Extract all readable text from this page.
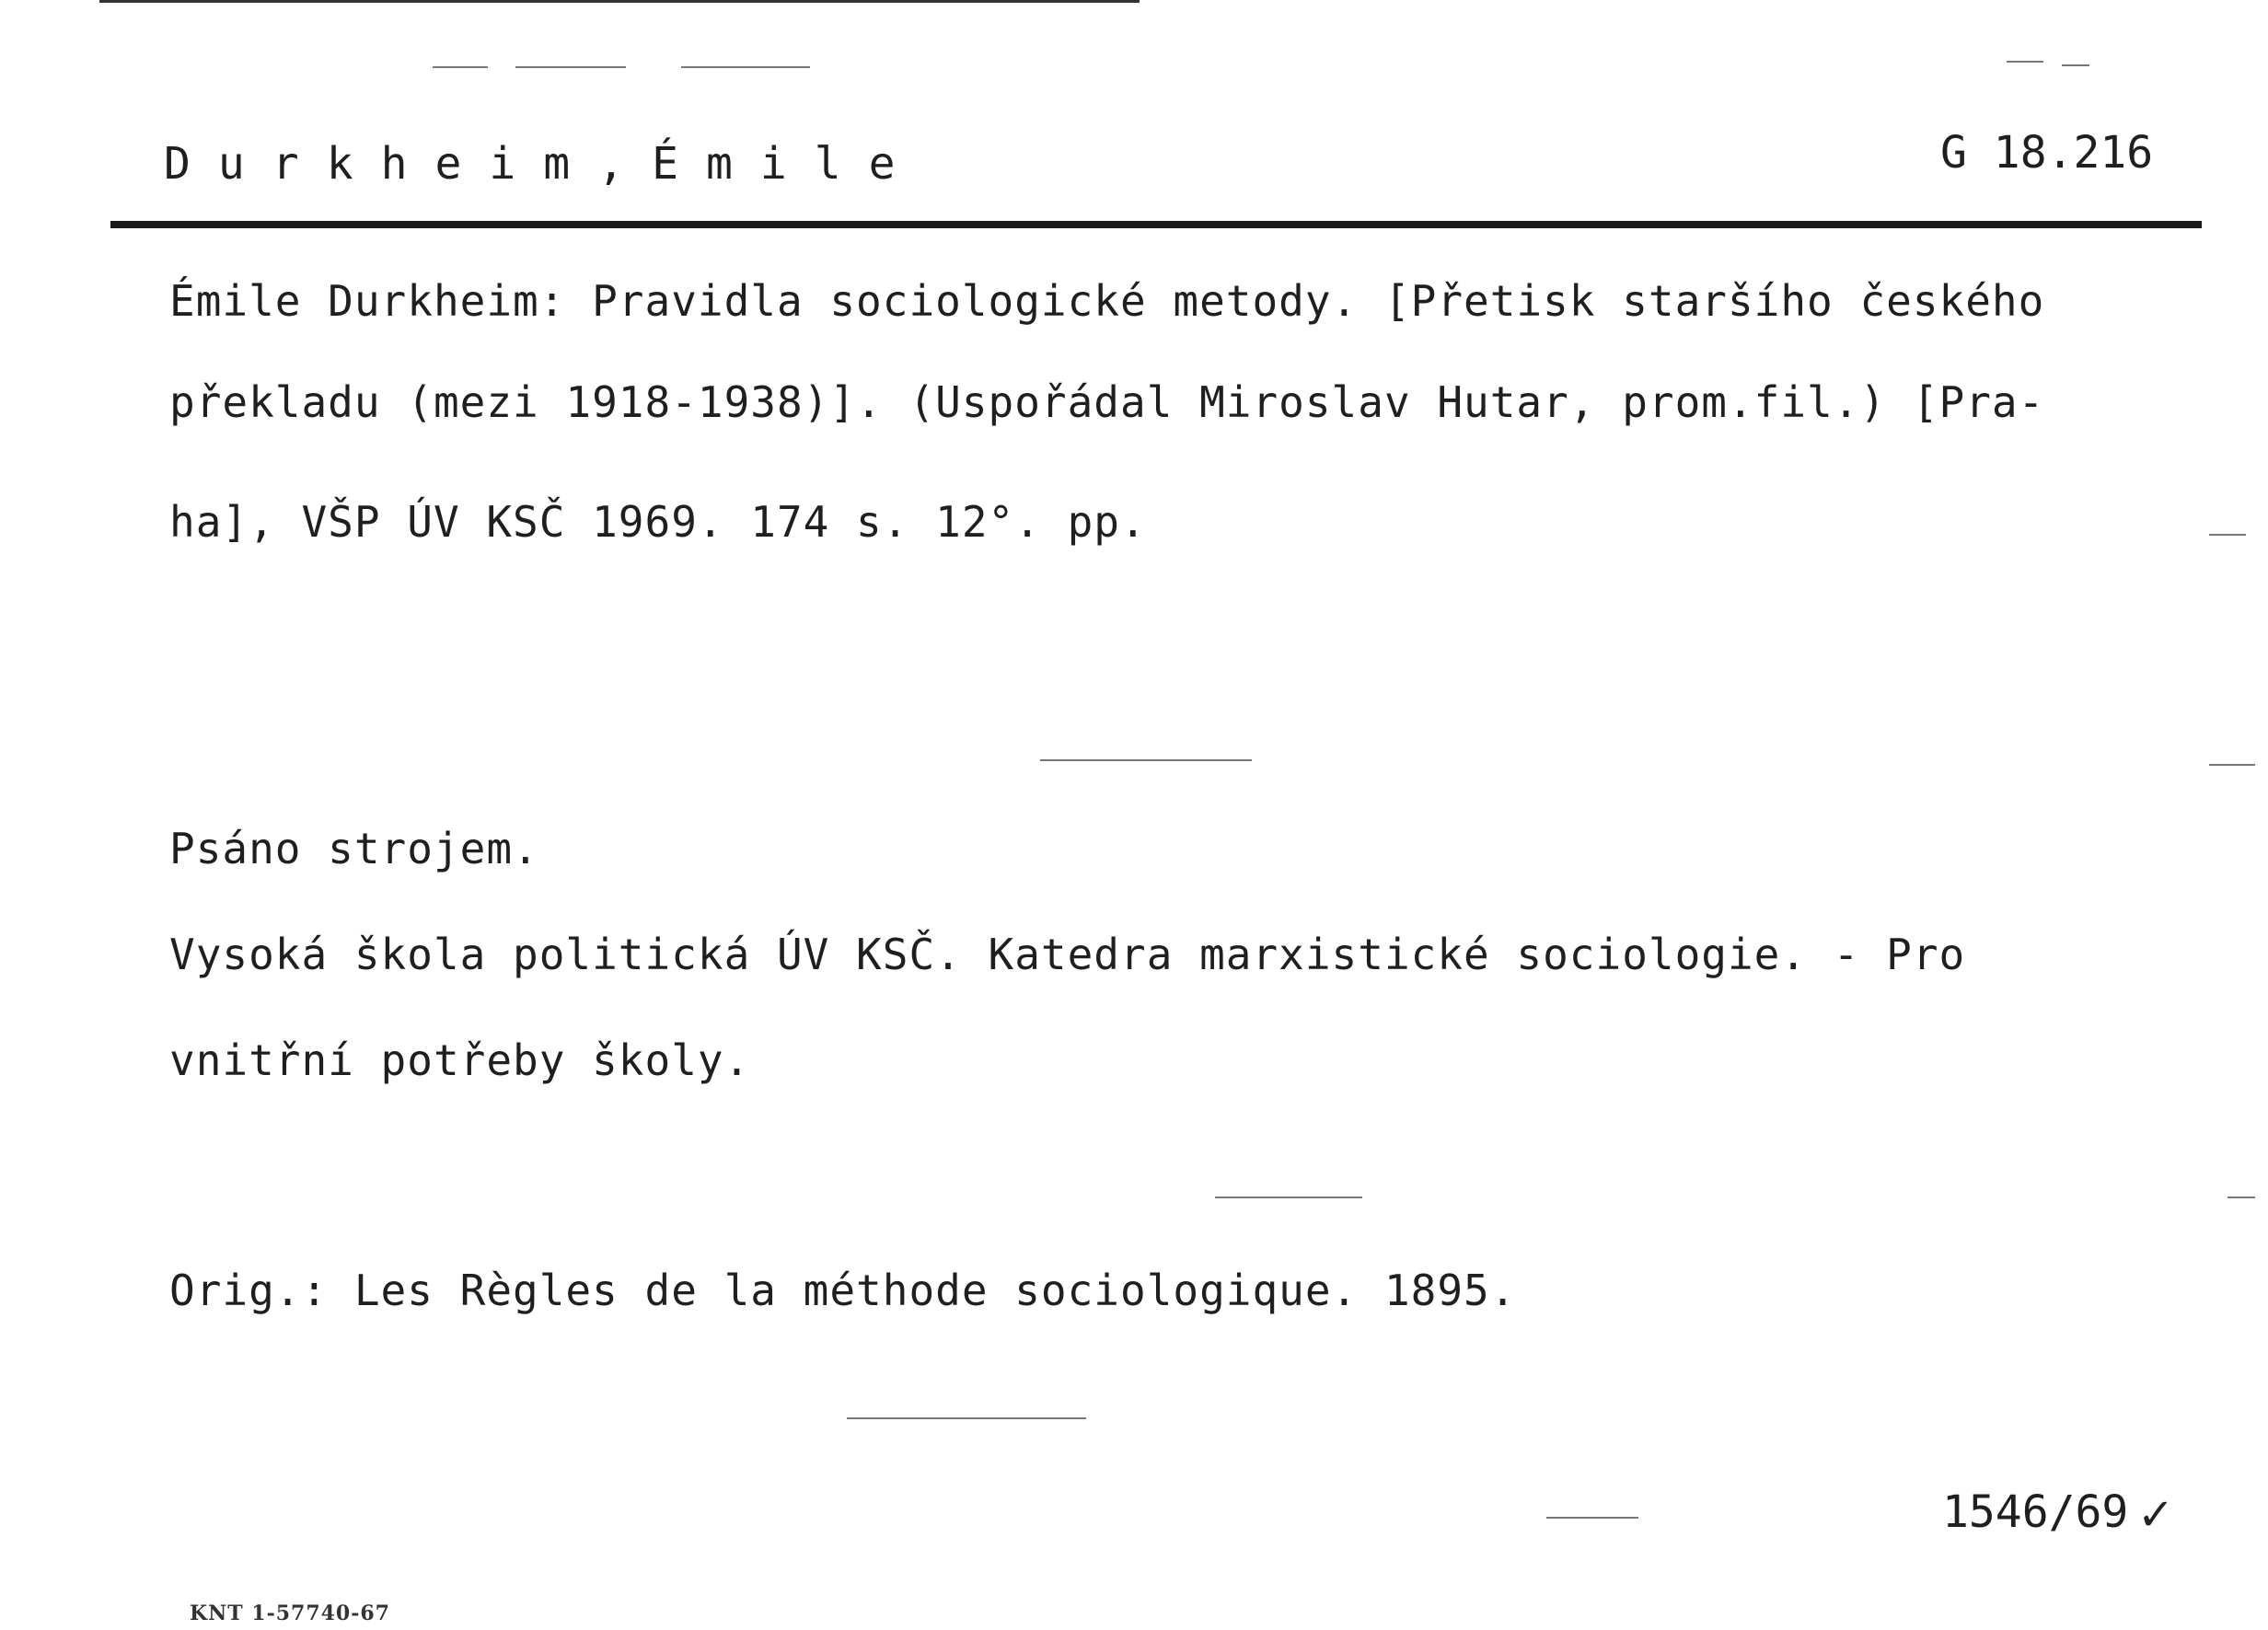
Durkheim,Émile	G 18.216
Émile Durkheim: Pravidla sociologické metody. [Přetisk staršího českého
překladu (mezi 1918-1938)]. (Uspořádal Miroslav Hutar, prom.fil.) [Pra-
ha], VŠP ÚV KSČ 1969. 174 s. 12°. pp.
Psáno strojem.
Vysoká škola politická ÚV KSČ. Katedra marxistické sociologie. - Pro
vnitřní potřeby školy.
Orig.: Les Règles de la méthode sociologique. 1895.
1546/69 ✓
KNT 1-57740-67
